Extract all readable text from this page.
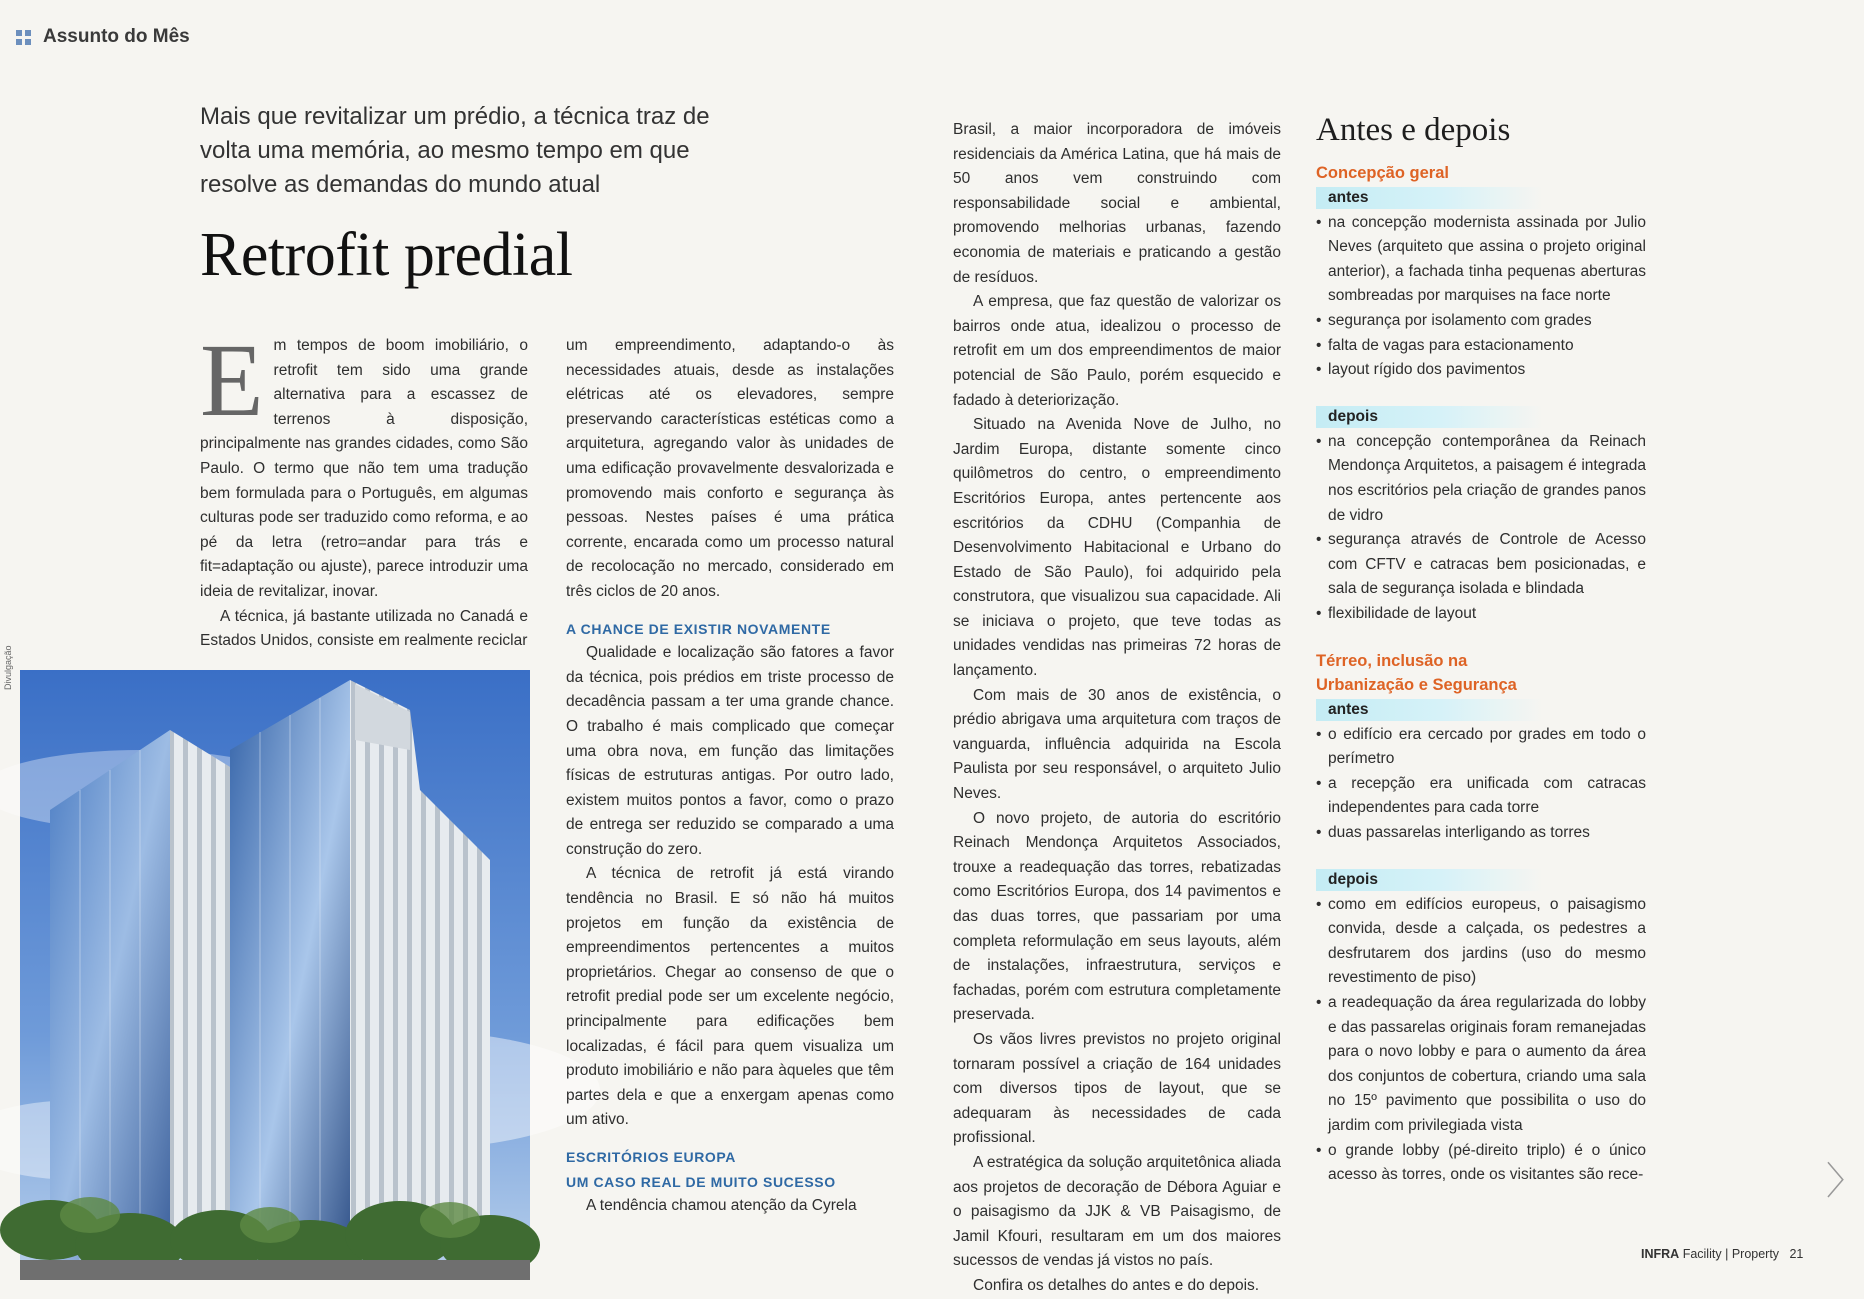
Assunto do Mês
Mais que revitalizar um prédio, a técnica traz de volta uma memória, ao mesmo tempo em que resolve as demandas do mundo atual
Retrofit predial

Em tempos de boom imobiliário, o retrofit tem sido uma grande alternativa para a escassez de terrenos à disposição, principalmente nas grandes cidades, como São Paulo. O termo que não tem uma tradução bem formulada para o Português, em algumas culturas pode ser traduzido como reforma, e ao pé da letra (retro=andar para trás e fit=adaptação ou ajuste), parece introduzir uma ideia de revitalizar, inovar.

A técnica, já bastante utilizada no Canadá e Estados Unidos, consiste em realmente reciclar

Divulgação

um empreendimento, adaptando-o às necessidades atuais, desde as instalações elétricas até os elevadores, sempre preservando características estéticas como a arquitetura, agregando valor às unidades de uma edificação provavelmente desvalorizada e promovendo mais conforto e segurança às pessoas. Nestes países é uma prática corrente, encarada como um processo natural de recolocação no mercado, considerado em três ciclos de 20 anos.

A CHANCE DE EXISTIR NOVAMENTE

Qualidade e localização são fatores a favor da técnica, pois prédios em triste processo de decadência passam a ter uma grande chance. O trabalho é mais complicado que começar uma obra nova, em função das limitações físicas de estruturas antigas. Por outro lado, existem muitos pontos a favor, como o prazo de entrega ser reduzido se comparado a uma construção do zero.

A técnica de retrofit já está virando tendência no Brasil. E só não há muitos projetos em função da existência de empreendimentos pertencentes a muitos proprietários. Chegar ao consenso de que o retrofit predial pode ser um excelente negócio, principalmente para edificações bem localizadas, é fácil para quem visualiza um produto imobiliário e não para àqueles que têm partes dela e que a enxergam apenas como um ativo.

ESCRITÓRIOS EUROPA

UM CASO REAL DE MUITO SUCESSO

A tendência chamou atenção da Cyrela

Brasil, a maior incorporadora de imóveis residenciais da América Latina, que há mais de 50 anos vem construindo com responsabilidade social e ambiental, promovendo melhorias urbanas, fazendo economia de materiais e praticando a gestão de resíduos.

A empresa, que faz questão de valorizar os bairros onde atua, idealizou o processo de retrofit em um dos empreendimentos de maior potencial de São Paulo, porém esquecido e fadado à deteriorização.

Situado na Avenida Nove de Julho, no Jardim Europa, distante somente cinco quilômetros do centro, o empreendimento Escritórios Europa, antes pertencente aos escritórios da CDHU (Companhia de Desenvolvimento Habitacional e Urbano do Estado de São Paulo), foi adquirido pela construtora, que visualizou sua capacidade. Ali se iniciava o projeto, que teve todas as unidades vendidas nas primeiras 72 horas de lançamento.

Com mais de 30 anos de existência, o prédio abrigava uma arquitetura com traços de vanguarda, influência adquirida na Escola Paulista por seu responsável, o arquiteto Julio Neves.

O novo projeto, de autoria do escritório Reinach Mendonça Arquitetos Associados, trouxe a readequação das torres, rebatizadas como Escritórios Europa, dos 14 pavimentos e das duas torres, que passariam por uma completa reformulação em seus layouts, além de instalações, infraestrutura, serviços e fachadas, porém com estrutura completamente preservada.

Os vãos livres previstos no projeto original tornaram possível a criação de 164 unidades com diversos tipos de layout, que se adequaram às necessidades de cada profissional.

A estratégica da solução arquitetônica aliada aos projetos de decoração de Débora Aguiar e o paisagismo da JJK & VB Paisagismo, de Jamil Kfouri, resultaram em um dos maiores sucessos de vendas já vistos no país.

Confira os detalhes do antes e do depois.

Antes e depois
Concepção geral
antes
• na concepção modernista assinada por Julio Neves (arquiteto que assina o projeto original anterior), a fachada tinha pequenas aberturas sombreadas por marquises na face norte
• segurança por isolamento com grades
• falta de vagas para estacionamento
• layout rígido dos pavimentos
depois
• na concepção contemporânea da Reinach Mendonça Arquitetos, a paisagem é integrada nos escritórios pela criação de grandes panos de vidro
• segurança através de Controle de Acesso com CFTV e catracas bem posicionadas, e sala de segurança isolada e blindada
• flexibilidade de layout
Térreo, inclusão na
Urbanização e Segurança
antes
• o edifício era cercado por grades em todo o perímetro
• a recepção era unificada com catracas independentes para cada torre
• duas passarelas interligando as torres
depois
• como em edifícios europeus, o paisagismo convida, desde a calçada, os pedestres a desfrutarem dos jardins (uso do mesmo revestimento de piso)
• a readequação da área regularizada do lobby e das passarelas originais foram remanejadas para o novo lobby e para o aumento da área dos conjuntos de cobertura, criando uma sala no 15º pavimento que possibilita o uso do jardim com privilegiada vista
• o grande lobby (pé-direito triplo) é o único acesso às torres, onde os visitantes são rece-	〉
INFRA Facility | Property 21
